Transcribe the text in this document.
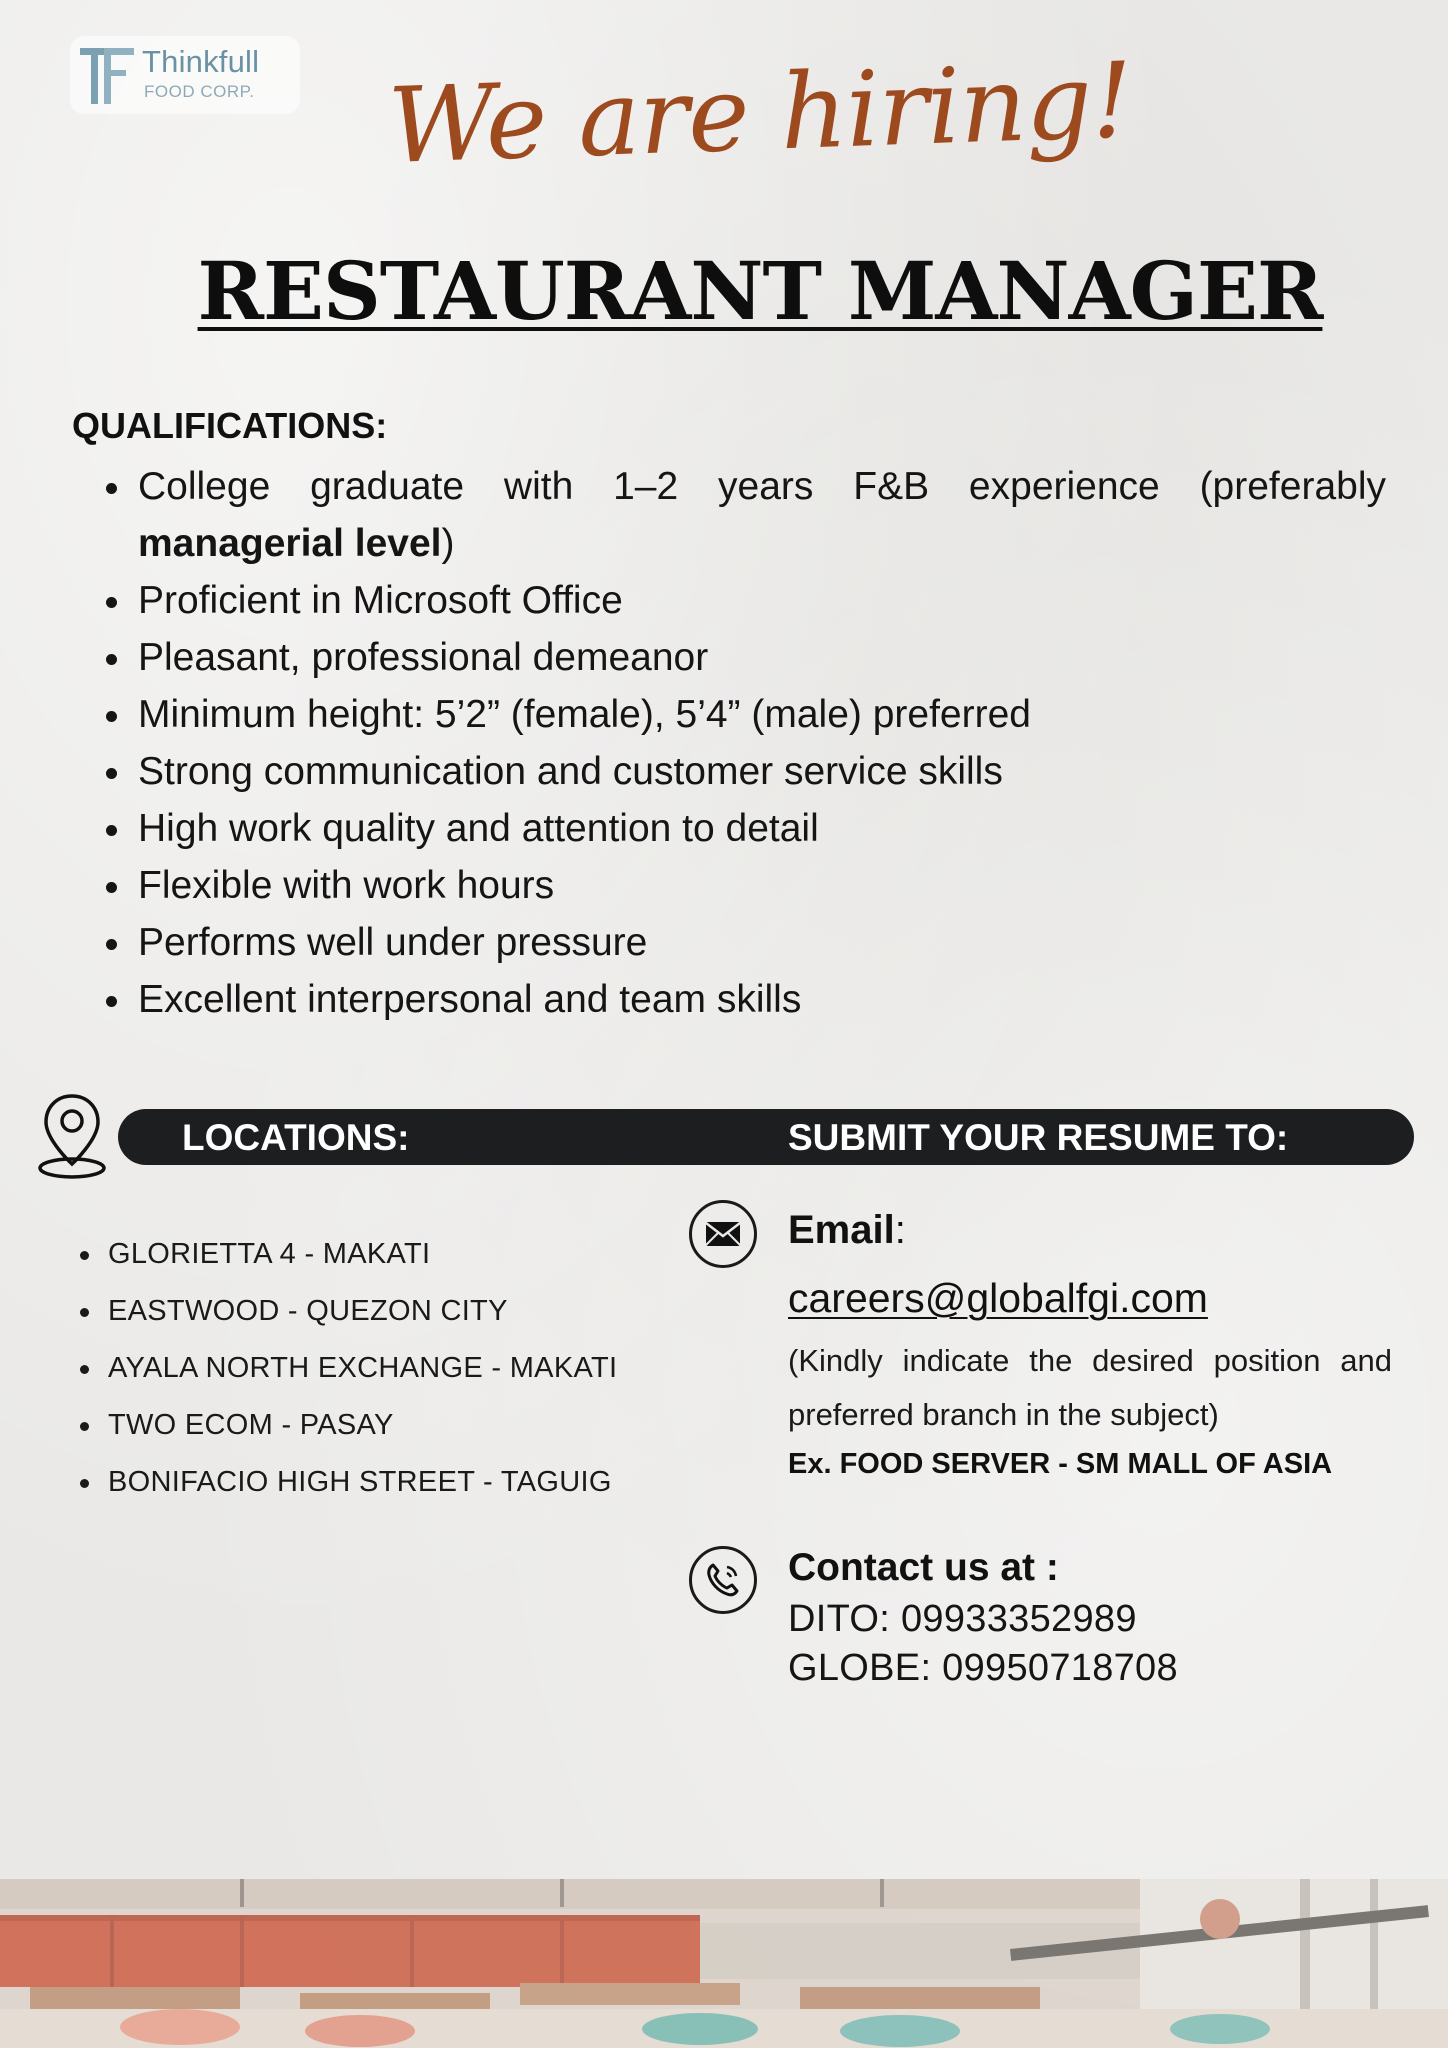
Thinkfull
FOOD CORP.	We are hiring!
RESTAURANT MANAGER
QUALIFICATIONS:
College graduate with 1–2 years F&B experience (preferably
managerial level)
Proficient in Microsoft Office
Pleasant, professional demeanor
Minimum height: 5’2” (female), 5’4” (male) preferred
Strong communication and customer service skills
High work quality and attention to detail
Flexible with work hours
Performs well under pressure
Excellent interpersonal and team skills
LOCATIONS:	SUBMIT YOUR RESUME TO:
GLORIETTA 4 - MAKATI
EASTWOOD - QUEZON CITY
AYALA NORTH EXCHANGE - MAKATI
TWO ECOM - PASAY
BONIFACIO HIGH STREET - TAGUIG
Email:
careers@globalfgi.com
(Kindly indicate the desired position and preferred branch in the subject)
Ex. FOOD SERVER - SM MALL OF ASIA
Contact us at :
DITO: 09933352989
GLOBE: 09950718708
